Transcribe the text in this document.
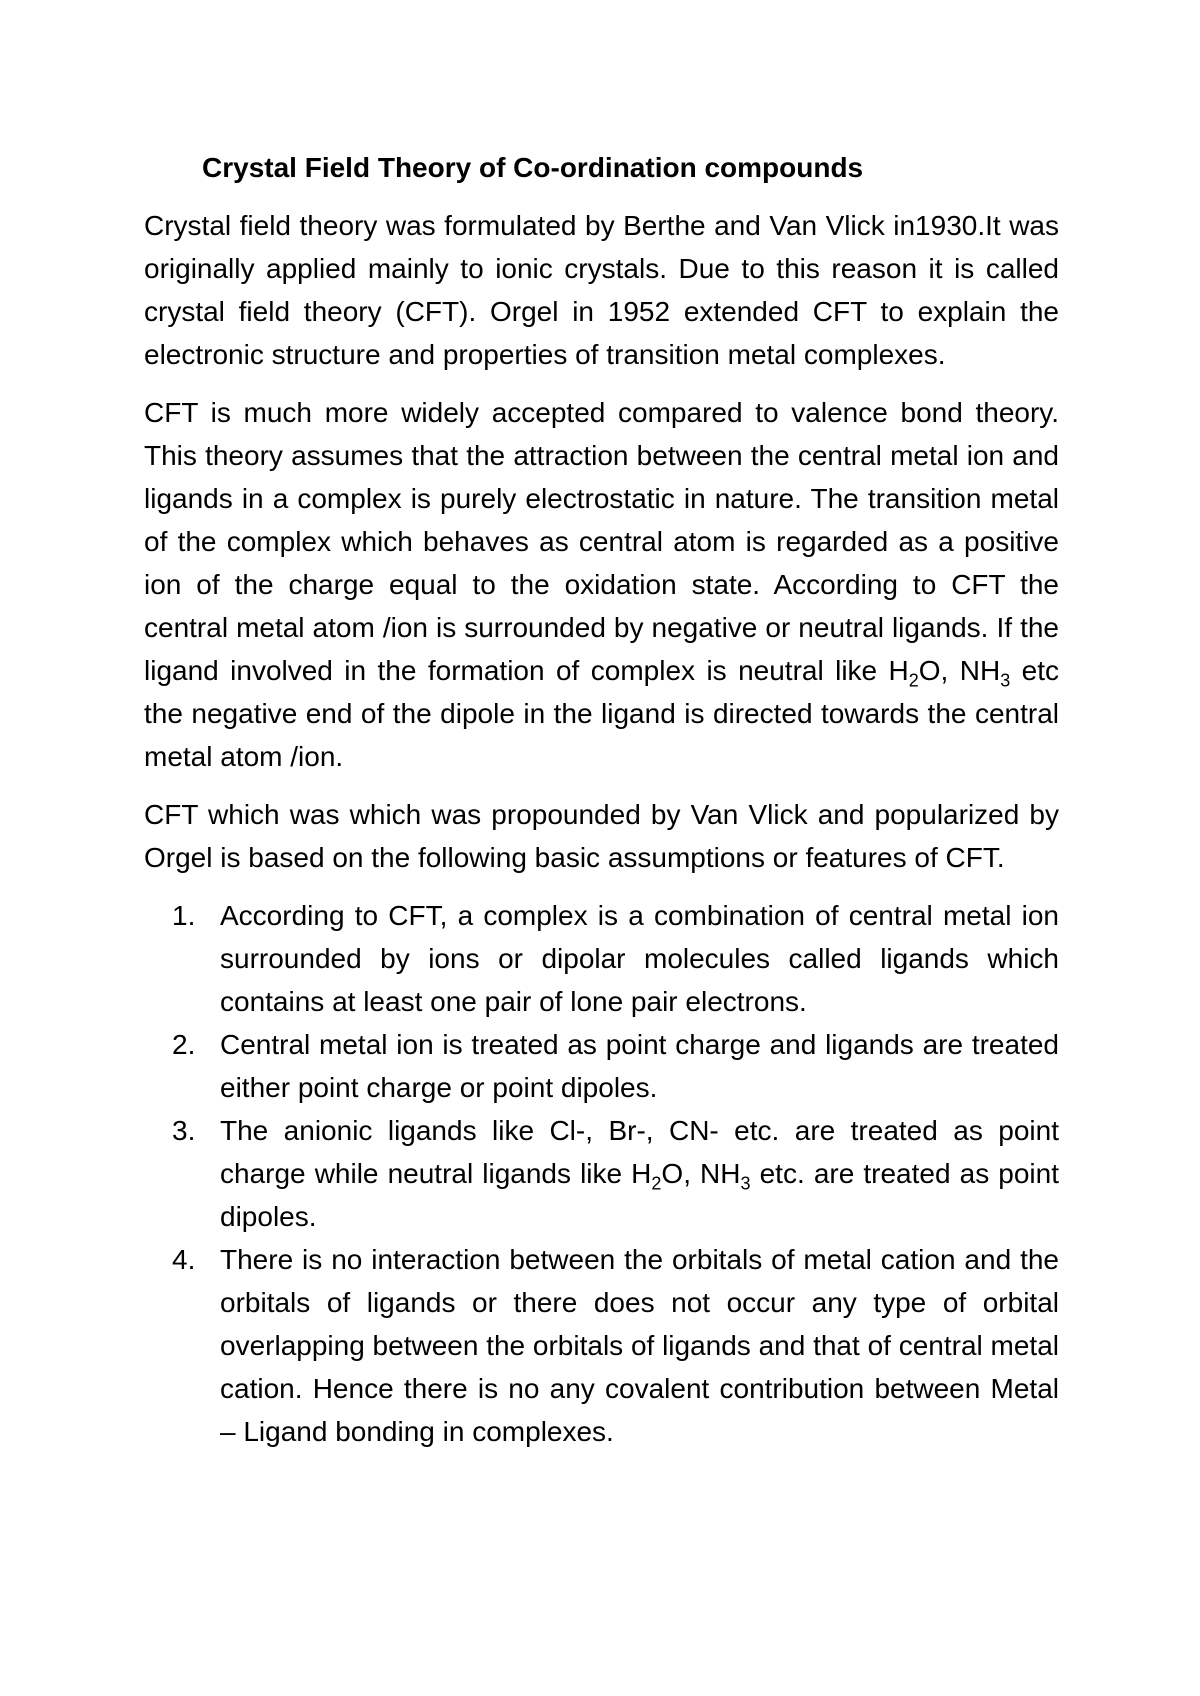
Crystal Field Theory of Co-ordination compounds

Crystal field theory was formulated by Berthe and Van Vlick in1930.It was originally applied mainly to ionic crystals. Due to this reason it is called crystal field theory (CFT). Orgel in 1952 extended CFT to explain the electronic structure and properties of transition metal complexes.

CFT is much more widely accepted compared to valence bond theory. This theory assumes that the attraction between the central metal ion and ligands in a complex is purely electrostatic in nature. The transition metal of the complex which behaves as central atom is regarded as a positive ion of the charge equal to the oxidation state. According to CFT the central metal atom /ion is surrounded by negative or neutral ligands. If the ligand involved in the formation of complex is neutral like $H_2O$, $NH_3$ etc the negative end of the dipole in the ligand is directed towards the central metal atom /ion.

CFT which was which was propounded by Van Vlick and popularized by Orgel is based on the following basic assumptions or features of CFT.

1. According to CFT, a complex is a combination of central metal ion surrounded by ions or dipolar molecules called ligands which contains at least one pair of lone pair electrons.
2. Central metal ion is treated as point charge and ligands are treated either point charge or point dipoles.
3. The anionic ligands like Cl-, Br-, CN- etc. are treated as point charge while neutral ligands like $H_2O$, $NH_3$ etc. are treated as point dipoles.
4. There is no interaction between the orbitals of metal cation and the orbitals of ligands or there does not occur any type of orbital overlapping between the orbitals of ligands and that of central metal cation. Hence there is no any covalent contribution between Metal – Ligand bonding in complexes.
